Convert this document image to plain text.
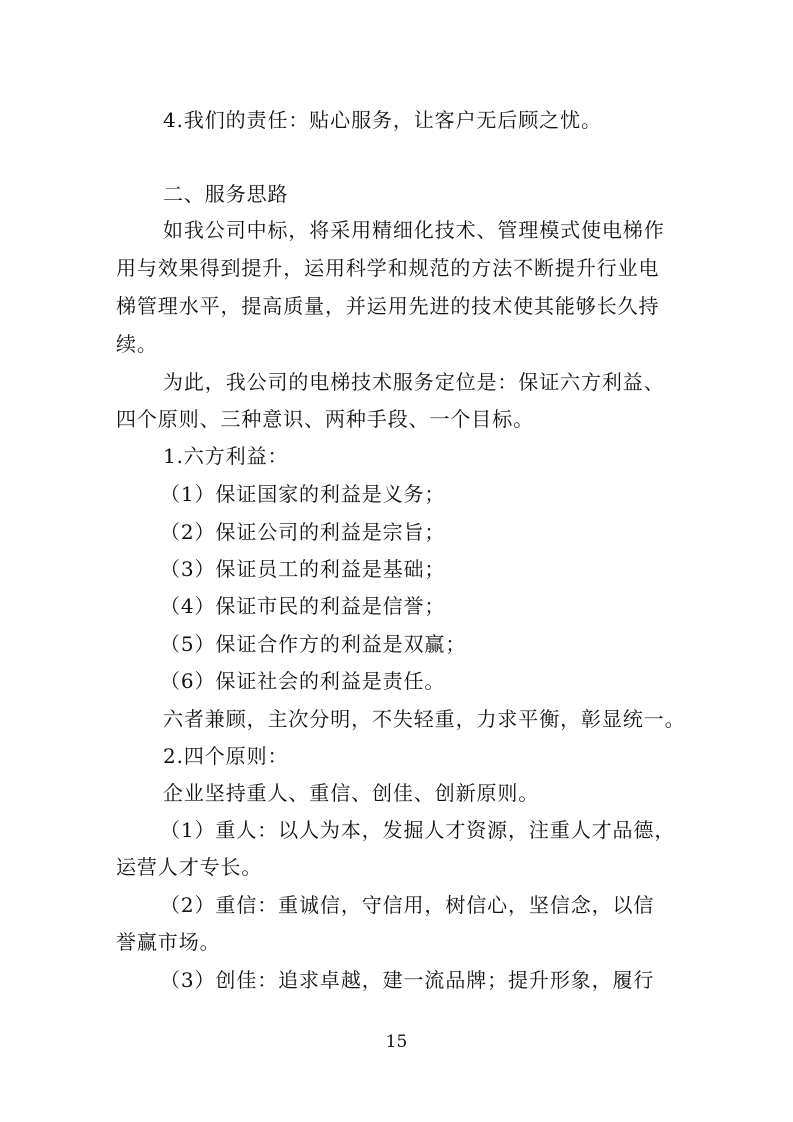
4.我们的责任：贴心服务，让客户无后顾之忧。
二、服务思路
如我公司中标，将采用精细化技术、管理模式使电梯作
用与效果得到提升，运用科学和规范的方法不断提升行业电
梯管理水平，提高质量，并运用先进的技术使其能够长久持
续。
为此，我公司的电梯技术服务定位是：保证六方利益、
四个原则、三种意识、两种手段、一个目标。
1.六方利益：
（1）保证国家的利益是义务；
（2）保证公司的利益是宗旨；
（3）保证员工的利益是基础；
（4）保证市民的利益是信誉；
（5）保证合作方的利益是双赢；
（6）保证社会的利益是责任。
六者兼顾，主次分明，不失轻重，力求平衡，彰显统一。
2.四个原则：
企业坚持重人、重信、创佳、创新原则。
（1）重人：以人为本，发掘人才资源，注重人才品德，
运营人才专长。
（2）重信：重诚信，守信用，树信心，坚信念，以信
誉赢市场。
（3）创佳：追求卓越，建一流品牌；提升形象，履行
15
